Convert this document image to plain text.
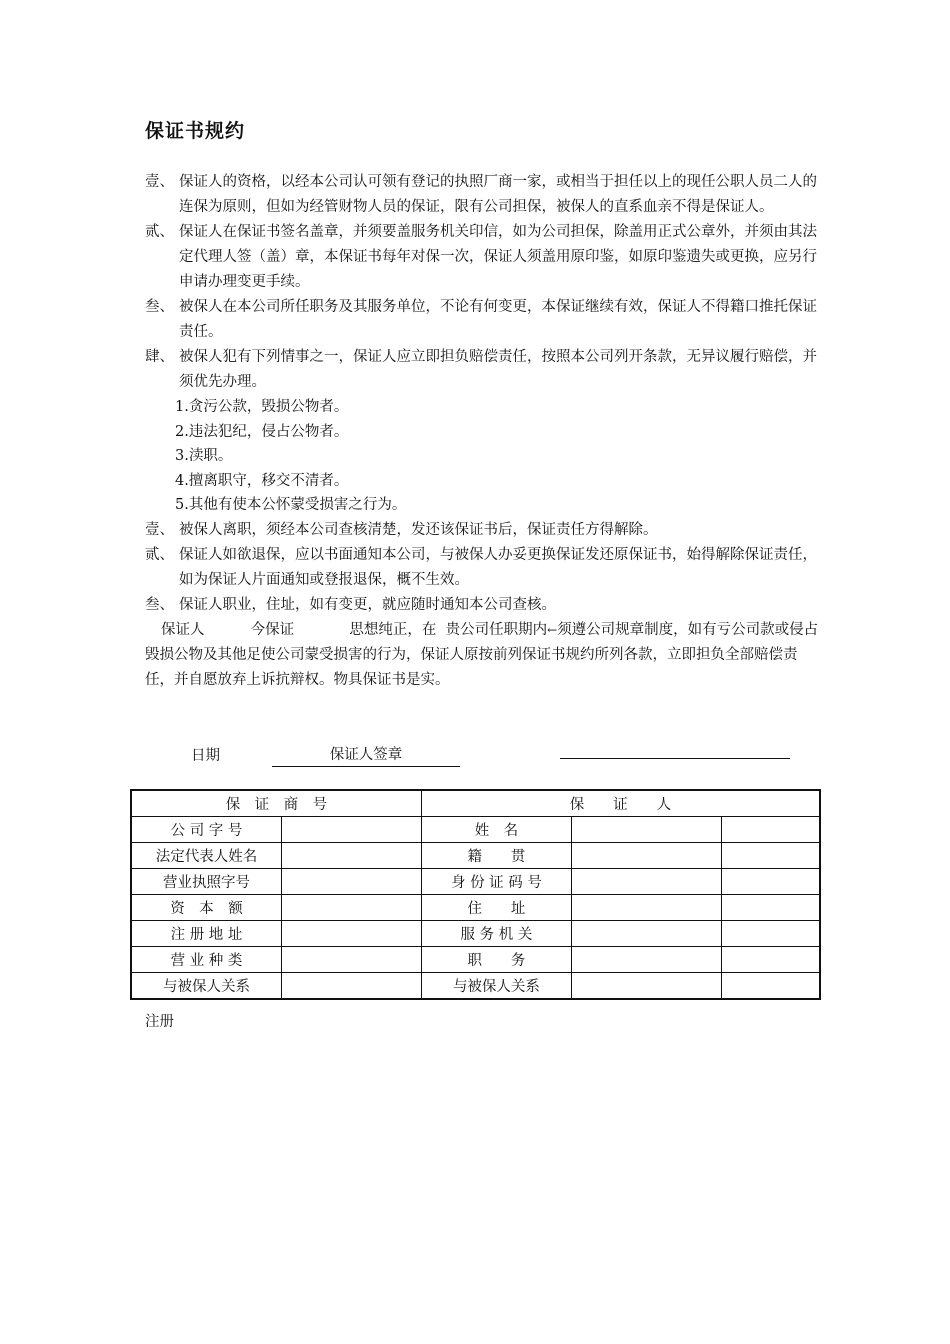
保证书规约
壹、 保证人的资格，以经本公司认可领有登记的执照厂商一家，或相当于担任以上的现任公职人员二人的连保为原则，但如为经管财物人员的保证，限有公司担保，被保人的直系血亲不得是保证人。
贰、 保证人在保证书签名盖章，并须要盖服务机关印信，如为公司担保，除盖用正式公章外，并须由其法定代理人签（盖）章，本保证书每年对保一次，保证人须盖用原印鉴，如原印鉴遗失或更换，应另行申请办理变更手续。
叁、 被保人在本公司所任职务及其服务单位，不论有何变更，本保证继续有效，保证人不得籍口推托保证责任。
肆、 被保人犯有下列情事之一，保证人应立即担负赔偿责任，按照本公司列开条款，无异议履行赔偿，并须优先办理。
1.贪污公款，毁损公物者。
2.违法犯纪，侵占公物者。
3.渎职。
4.擅离职守，移交不清者。
5.其他有使本公怀蒙受损害之行为。
壹、 被保人离职，须经本公司查核清楚，发还该保证书后，保证责任方得解除。
贰、 保证人如欲退保，应以书面通知本公司，与被保人办妥更换保证发还原保证书，始得解除保证责任，如为保证人片面通知或登报退保，概不生效。
叁、 保证人职业，住址，如有变更，就应随时通知本公司查核。
保证人          今保证            思想纯正，在  贵公司任职期内←须遵公司规章制度，如有亏公司款或侵占毁损公物及其他足使公司蒙受损害的行为，保证人原按前列保证书规约所列各款，立即担负全部赔偿责任，并自愿放弃上诉抗辩权。物具保证书是实。
日期	保证人签章
保　证　商　号		保　　证　　人		
公 司 字 号		姓　名		
法定代表人姓名		籍　　贯		
营业执照字号		身 份 证 码 号		
资　本　额		住　　址		
注 册 地 址		服 务 机 关		
营 业 种 类		职　　务		
与被保人关系		与被保人关系		
注册
